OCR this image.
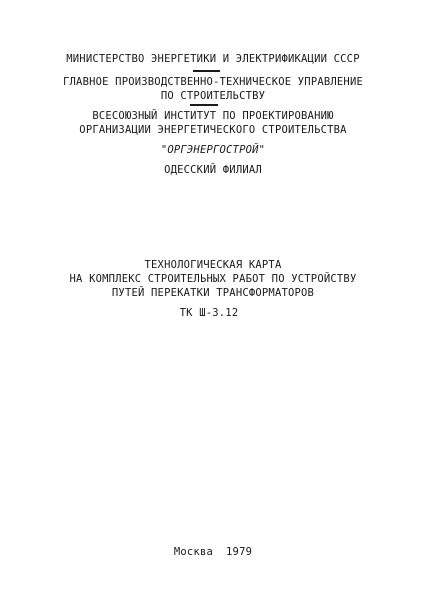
МИНИСТЕРСТВО ЭНЕРГЕТИКИ И ЭЛЕКТРИФИКАЦИИ СССР
ГЛАВНОЕ ПРОИЗВОДСТВЕННО-ТЕХНИЧЕСКОЕ УПРАВЛЕНИЕ
ПО СТРОИТЕЛЬСТВУ
ВСЕСОЮЗНЫЙ ИНСТИТУТ ПО ПРОЕКТИРОВАНИЮ
ОРГАНИЗАЦИИ ЭНЕРГЕТИЧЕСКОГО СТРОИТЕЛЬСТВА
"ОРГЭНЕРГОСТРОЙ"
ОДЕССКИЙ ФИЛИАЛ
ТЕХНОЛОГИЧЕСКАЯ КАРТА
НА КОМПЛЕКС СТРОИТЕЛЬНЫХ РАБОТ ПО УСТРОЙСТВУ
ПУТЕЙ ПЕРЕКАТКИ ТРАНСФОРМАТОРОВ
ТК Ш-3.12
Москва  1979
